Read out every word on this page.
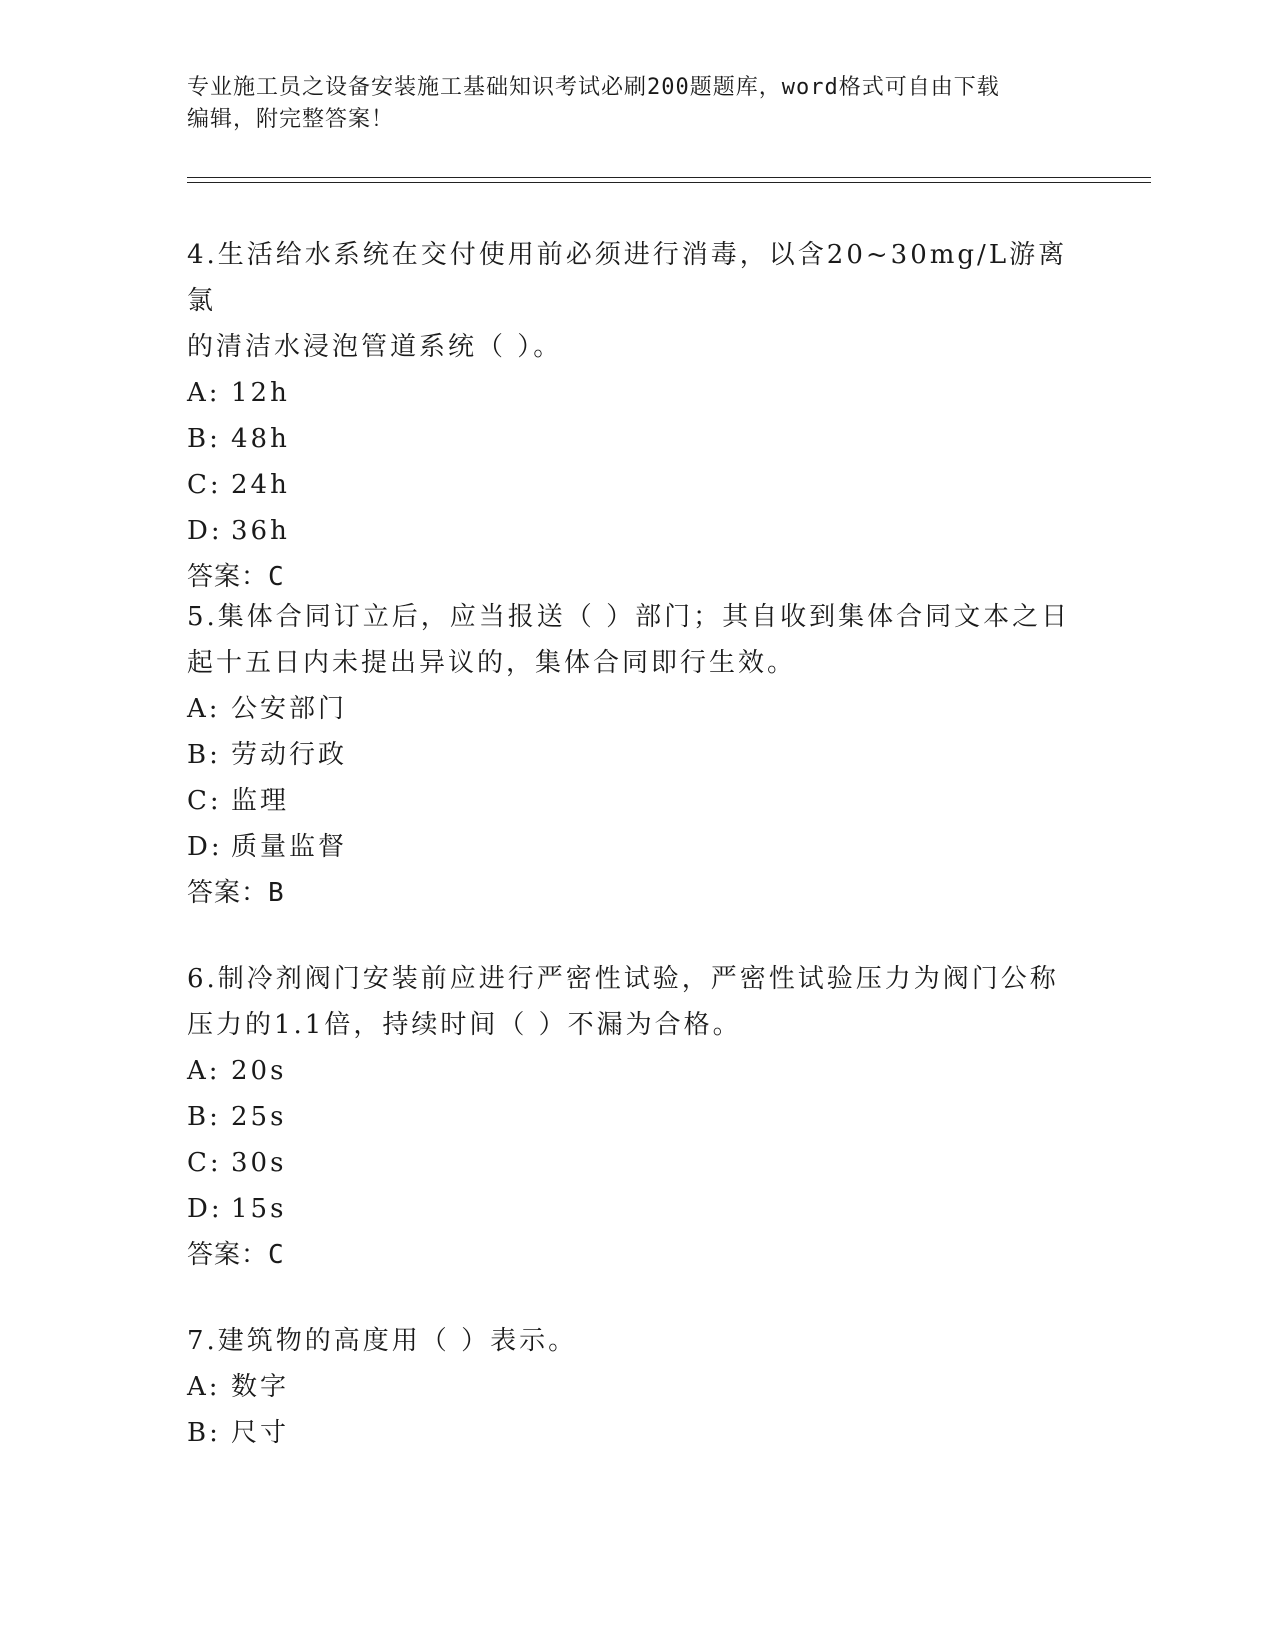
专业施工员之设备安装施工基础知识考试必刷200题题库，word格式可自由下载
编辑，附完整答案！

4.生活给水系统在交付使用前必须进行消毒，以含20~30mg/L游离氯

的清洁水浸泡管道系统（ ）。

A: 12h

B: 48h

C: 24h

D: 36h

答案：C

5.集体合同订立后，应当报送（ ）部门；其自收到集体合同文本之日

起十五日内未提出异议的，集体合同即行生效。

A: 公安部门

B: 劳动行政

C: 监理

D: 质量监督

答案：B

6.制冷剂阀门安装前应进行严密性试验，严密性试验压力为阀门公称

压力的1.1倍，持续时间（ ）不漏为合格。

A: 20s

B: 25s

C: 30s

D: 15s

答案：C

7.建筑物的高度用（ ）表示。

A: 数字

B: 尺寸
